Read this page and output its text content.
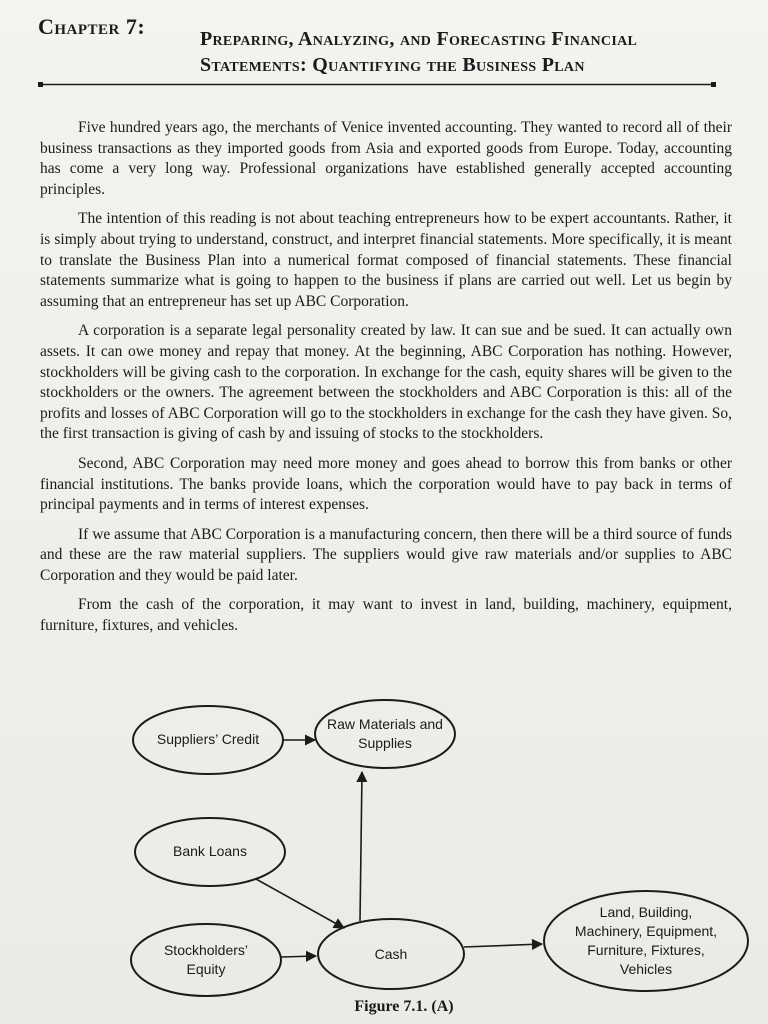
Chapter 7:	Preparing, Analyzing, and Forecasting Financial Statements: Quantifying the Business Plan

Five hundred years ago, the merchants of Venice invented accounting. They wanted to record all of their business transactions as they imported goods from Asia and exported goods from Europe. Today, accounting has come a very long way. Professional organizations have established generally accepted accounting principles.

The intention of this reading is not about teaching entrepreneurs how to be expert accountants. Rather, it is simply about trying to understand, construct, and interpret financial statements. More specifically, it is meant to translate the Business Plan into a numerical format composed of financial statements. These financial statements summarize what is going to happen to the business if plans are carried out well. Let us begin by assuming that an entrepreneur has set up ABC Corporation.

A corporation is a separate legal personality created by law. It can sue and be sued. It can actually own assets. It can owe money and repay that money. At the beginning, ABC Corporation has nothing. However, stockholders will be giving cash to the corporation. In exchange for the cash, equity shares will be given to the stockholders or the owners. The agreement between the stockholders and ABC Corporation is this: all of the profits and losses of ABC Corporation will go to the stockholders in exchange for the cash they have given. So, the first transaction is giving of cash by and issuing of stocks to the stockholders.

Second, ABC Corporation may need more money and goes ahead to borrow this from banks or other financial institutions. The banks provide loans, which the corporation would have to pay back in terms of principal payments and in terms of interest expenses.

If we assume that ABC Corporation is a manufacturing concern, then there will be a third source of funds and these are the raw material suppliers. The suppliers would give raw materials and/or supplies to ABC Corporation and they would be paid later.

From the cash of the corporation, it may want to invest in land, building, machinery, equipment, furniture, fixtures, and vehicles.

Suppliers’ Credit
Raw Materials and
Supplies
Bank Loans
Stockholders’
Equity
Cash
Land, Building,
Machinery, Equipment,
Furniture, Fixtures,
Vehicles
Figure 7.1. (A)
